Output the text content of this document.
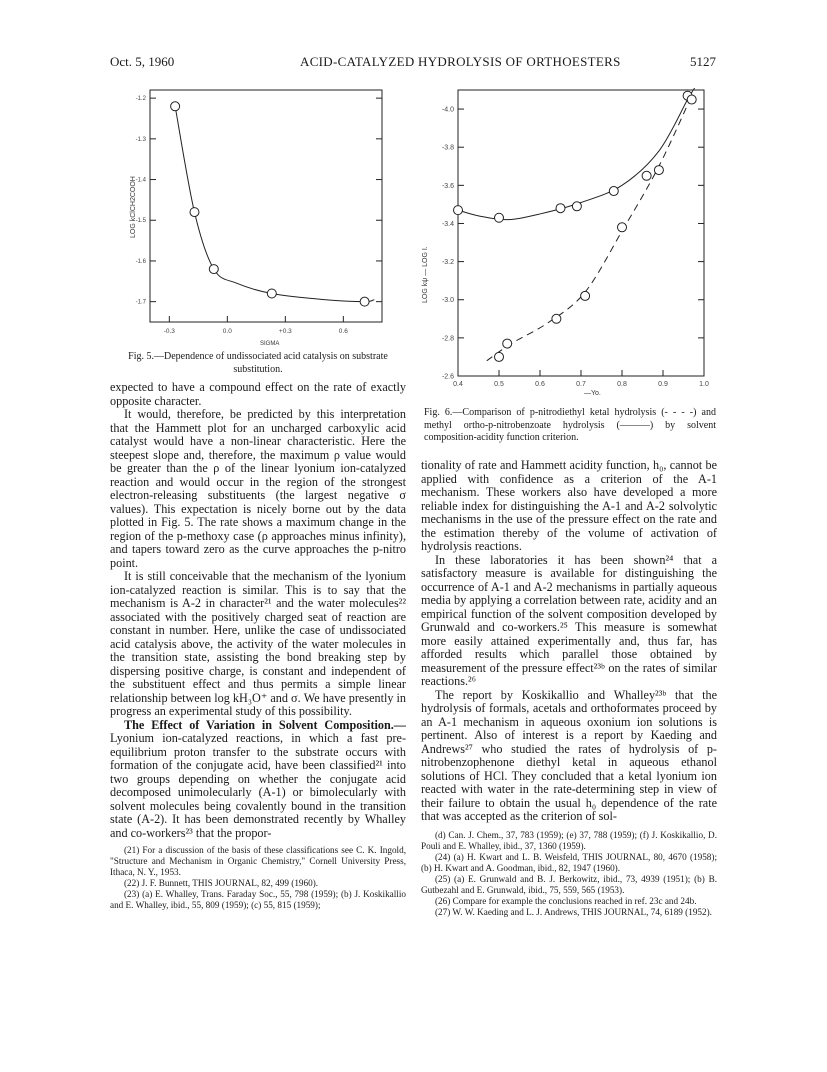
Oct. 5, 1960	ACID-CATALYZED HYDROLYSIS OF ORTHOESTERS	5127
-1.2
-1.3
-1.4
-1.5
-1.6
-1.7
-0.3	0.0	+0.3	0.6
LOG kClCH2COOH
SIGMA
Fig. 5.—Dependence of undissociated acid catalysis on substrate substitution.
-4.0
-3.8
-3.6
-3.4
-3.2
-3.0
-2.8
-2.6
0.4	0.5	0.6	0.7	0.8	0.9	1.0
LOG kψ — LOG I.
—Yo.
Fig. 6.—Comparison of p-nitrodiethyl ketal hydrolysis (- - - -) and methyl ortho-p-nitrobenzoate hydrolysis (———) by solvent composition-acidity function criterion.

expected to have a compound effect on the rate of exactly opposite character.

It would, therefore, be predicted by this interpretation that the Hammett plot for an uncharged carboxylic acid catalyst would have a non-linear characteristic. Here the steepest slope and, therefore, the maximum ρ value would be greater than the ρ of the linear lyonium ion-catalyzed reaction and would occur in the region of the strongest electron-releasing substituents (the largest negative σ values). This expectation is nicely borne out by the data plotted in Fig. 5. The rate shows a maximum change in the region of the p-methoxy case (ρ approaches minus infinity), and tapers toward zero as the curve approaches the p-nitro point.

It is still conceivable that the mechanism of the lyonium ion-catalyzed reaction is similar. This is to say that the mechanism is A-2 in character²¹ and the water molecules²² associated with the positively charged seat of reaction are constant in number. Here, unlike the case of undissociated acid catalysis above, the activity of the water molecules in the transition state, assisting the bond breaking step by dispersing positive charge, is constant and independent of the substituent effect and thus permits a simple linear relationship between log kH₃O⁺ and σ. We have presently in progress an experimental study of this possibility.

The Effect of Variation in Solvent Composition.—Lyonium ion-catalyzed reactions, in which a fast pre-equilibrium proton transfer to the substrate occurs with formation of the conjugate acid, have been classified²¹ into two groups depending on whether the conjugate acid decomposed unimolecularly (A-1) or bimolecularly with solvent molecules being covalently bound in the transition state (A-2). It has been demonstrated recently by Whalley and co-workers²³ that the propor-

(21) For a discussion of the basis of these classifications see C. K. Ingold, "Structure and Mechanism in Organic Chemistry," Cornell University Press, Ithaca, N. Y., 1953.

(22) J. F. Bunnett, THIS JOURNAL, 82, 499 (1960).

(23) (a) E. Whalley, Trans. Faraday Soc., 55, 798 (1959); (b) J. Koskikallio and E. Whalley, ibid., 55, 809 (1959); (c) 55, 815 (1959);

tionality of rate and Hammett acidity function, h₀, cannot be applied with confidence as a criterion of the A-1 mechanism. These workers also have developed a more reliable index for distinguishing the A-1 and A-2 solvolytic mechanisms in the use of the pressure effect on the rate and the estimation thereby of the volume of activation of hydrolysis reactions.

In these laboratories it has been shown²⁴ that a satisfactory measure is available for distinguishing the occurrence of A-1 and A-2 mechanisms in partially aqueous media by applying a correlation between rate, acidity and an empirical function of the solvent composition developed by Grunwald and co-workers.²⁵ This measure is somewhat more easily attained experimentally and, thus far, has afforded results which parallel those obtained by measurement of the pressure effect²³ᵇ on the rates of similar reactions.²⁶

The report by Koskikallio and Whalley²³ᵇ that the hydrolysis of formals, acetals and orthoformates proceed by an A-1 mechanism in aqueous oxonium ion solutions is pertinent. Also of interest is a report by Kaeding and Andrews²⁷ who studied the rates of hydrolysis of p-nitrobenzophenone diethyl ketal in aqueous ethanol solutions of HCl. They concluded that a ketal lyonium ion reacted with water in the rate-determining step in view of their failure to obtain the usual h₀ dependence of the rate that was accepted as the criterion of sol-

(d) Can. J. Chem., 37, 783 (1959); (e) 37, 788 (1959); (f) J. Koskikallio, D. Pouli and E. Whalley, ibid., 37, 1360 (1959).

(24) (a) H. Kwart and L. B. Weisfeld, THIS JOURNAL, 80, 4670 (1958); (b) H. Kwart and A. Goodman, ibid., 82, 1947 (1960).

(25) (a) E. Grunwald and B. J. Berkowitz, ibid., 73, 4939 (1951); (b) B. Gutbezahl and E. Grunwald, ibid., 75, 559, 565 (1953).

(26) Compare for example the conclusions reached in ref. 23c and 24b.

(27) W. W. Kaeding and L. J. Andrews, THIS JOURNAL, 74, 6189 (1952).
